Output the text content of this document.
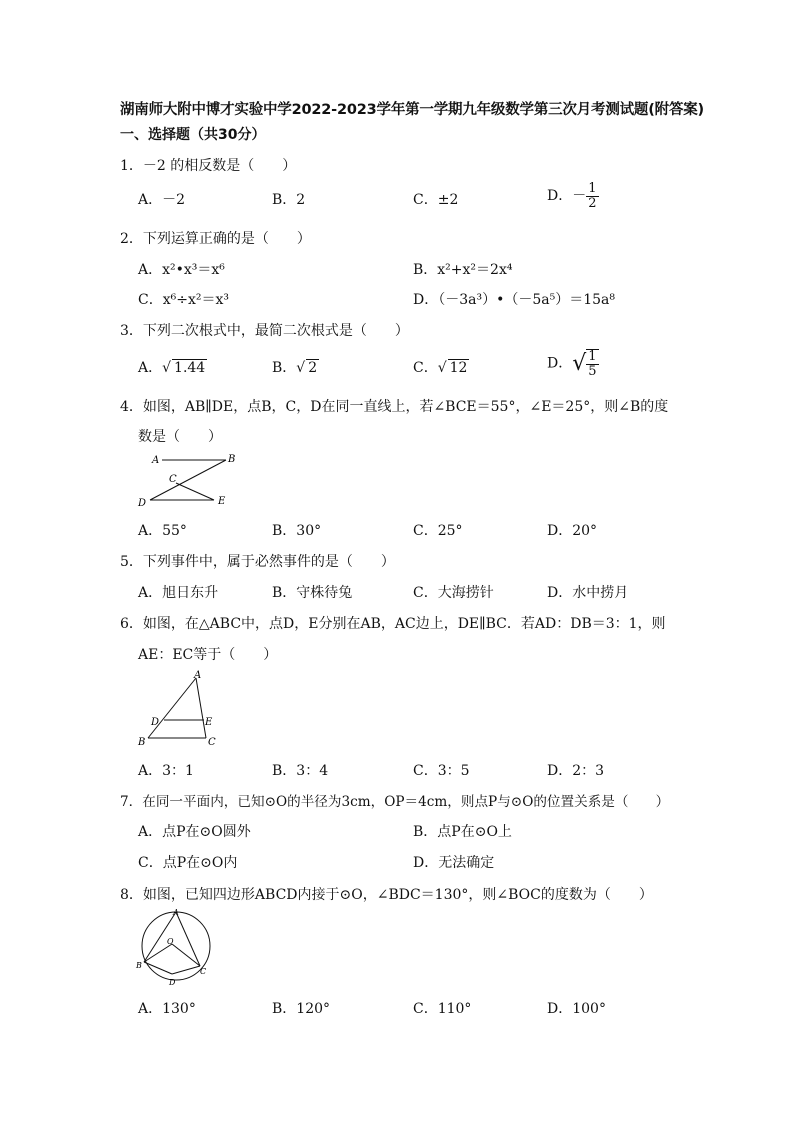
湖南师大附中博才实验中学2022-2023学年第一学期九年级数学第三次月考测试题(附答案)
一、选择题（共30分）
1．－2 的相反数是（　　）
A．－2	B．2	C．±2	D．－ $\frac{1}{2}$
2．下列运算正确的是（　　）
A．x²•x³＝x⁶	B．x²+x²＝2x⁴
C．x⁶÷x²＝x³	D．（－3a³）•（－5a⁵）＝15a⁸
3．下列二次根式中，最简二次根式是（　　）
A．√ 1.44	B．√ 2	C．√ 12	D．√ $\frac{1}{5}$
4．如图，AB∥DE，点B，C，D在同一直线上，若∠BCE＝55°，∠E＝25°，则∠B的度
数是（　　）
A	B
C
D	E
A．55°	B．30°	C．25°	D．20°
5．下列事件中，属于必然事件的是（　　）
A．旭日东升	B．守株待兔	C．大海捞针	D．水中捞月
6．如图，在△ABC中，点D，E分别在AB，AC边上，DE∥BC．若AD：DB＝3：1，则
AE：EC等于（　　）
A
D	E
B	C
A．3：1	B．3：4	C．3：5	D．2：3
7．在同一平面内，已知⊙O的半径为3cm，OP＝4cm，则点P与⊙O的位置关系是（　　）
A．点P在⊙O圆外	B．点P在⊙O上
C．点P在⊙O内	D．无法确定
8．如图，已知四边形ABCD内接于⊙O，∠BDC＝130°，则∠BOC的度数为（　　）
A
O
B
D
C
A．130°	B．120°	C．110°	D．100°
